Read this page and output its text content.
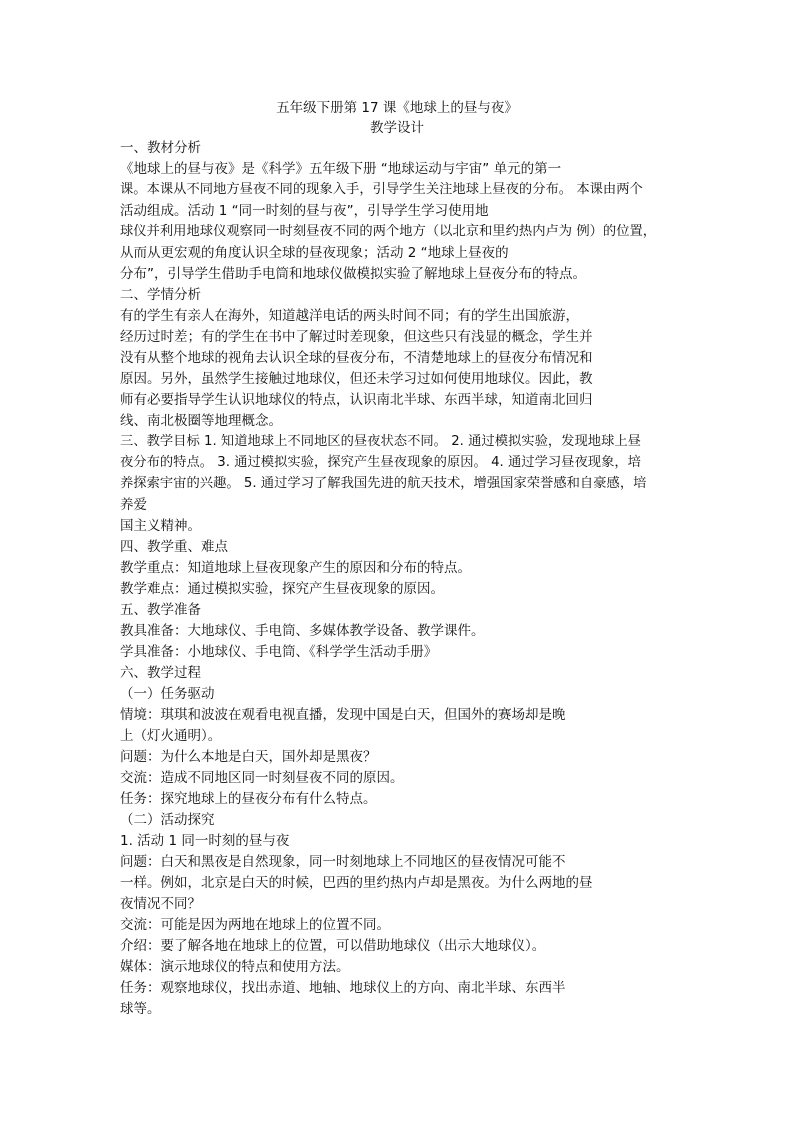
五年级下册第 17 课《地球上的昼与夜》
教学设计
一、教材分析
《地球上的昼与夜》是《科学》五年级下册 “地球运动与宇宙” 单元的第一
课。本课从不同地方昼夜不同的现象入手，引导学生关注地球上昼夜的分布。 本课由两个
活动组成。活动 1 “同一时刻的昼与夜”，引导学生学习使用地
球仪并利用地球仪观察同一时刻昼夜不同的两个地方（以北京和里约热内卢为 例）的位置，
从而从更宏观的角度认识全球的昼夜现象；活动 2 “地球上昼夜的
分布”，引导学生借助手电筒和地球仪做模拟实验了解地球上昼夜分布的特点。
二、学情分析
有的学生有亲人在海外，知道越洋电话的两头时间不同；有的学生出国旅游，
经历过时差；有的学生在书中了解过时差现象，但这些只有浅显的概念，学生并
没有从整个地球的视角去认识全球的昼夜分布，不清楚地球上的昼夜分布情况和
原因。另外，虽然学生接触过地球仪，但还未学习过如何使用地球仪。因此，教
师有必要指导学生认识地球仪的特点，认识南北半球、东西半球，知道南北回归
线、南北极圈等地理概念。
三、教学目标 1. 知道地球上不同地区的昼夜状态不同。 2. 通过模拟实验，发现地球上昼
夜分布的特点。 3. 通过模拟实验，探究产生昼夜现象的原因。 4. 通过学习昼夜现象，培
养探索宇宙的兴趣。 5. 通过学习了解我国先进的航天技术，增强国家荣誉感和自豪感，培
养爱
国主义精神。
四、教学重、难点
教学重点：知道地球上昼夜现象产生的原因和分布的特点。
教学难点：通过模拟实验，探究产生昼夜现象的原因。
五、教学准备
教具准备：大地球仪、手电筒、多媒体教学设备、教学课件。
学具准备：小地球仪、手电筒、《科学学生活动手册》
六、教学过程
（一）任务驱动
情境：琪琪和波波在观看电视直播，发现中国是白天，但国外的赛场却是晚
上（灯火通明）。
问题：为什么本地是白天，国外却是黑夜？
交流：造成不同地区同一时刻昼夜不同的原因。
任务：探究地球上的昼夜分布有什么特点。
（二）活动探究
1. 活动 1 同一时刻的昼与夜
问题：白天和黑夜是自然现象，同一时刻地球上不同地区的昼夜情况可能不
一样。例如，北京是白天的时候，巴西的里约热内卢却是黑夜。为什么两地的昼
夜情况不同？
交流：可能是因为两地在地球上的位置不同。
介绍：要了解各地在地球上的位置，可以借助地球仪（出示大地球仪）。
媒体：演示地球仪的特点和使用方法。
任务：观察地球仪，找出赤道、地轴、地球仪上的方向、南北半球、东西半
球等。
